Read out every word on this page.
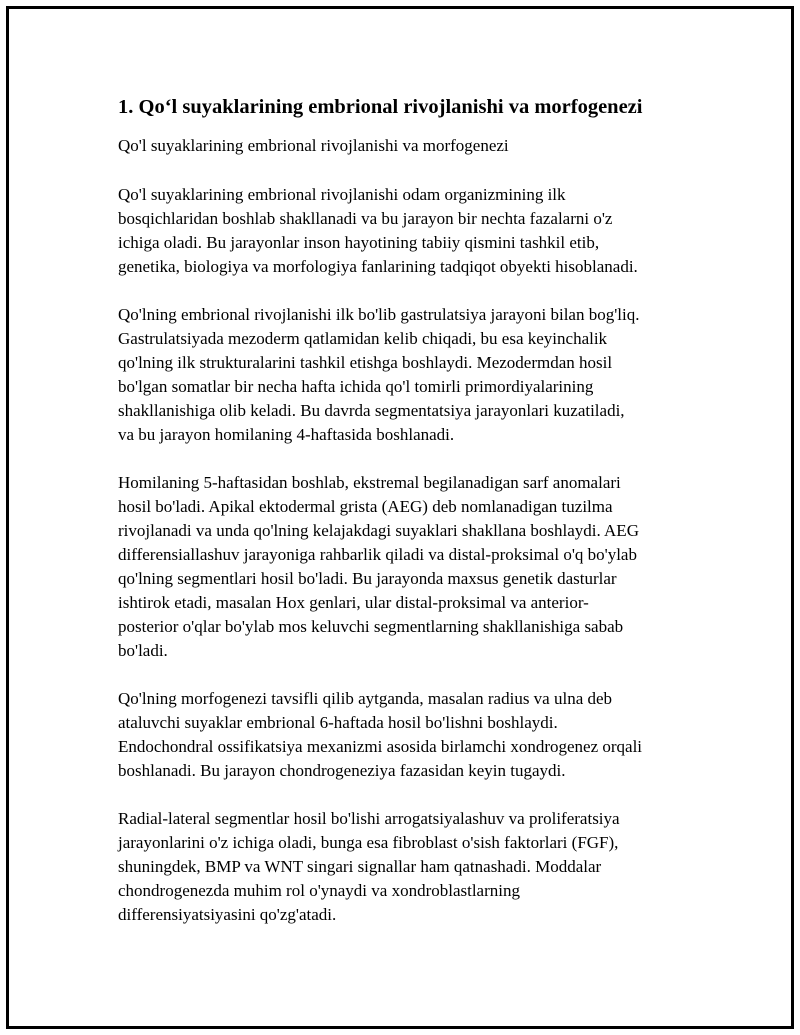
1. Qo‘l suyaklarining embrional rivojlanishi va morfogenezi

Qo'l suyaklarining embrional rivojlanishi va morfogenezi

Qo'l suyaklarining embrional rivojlanishi odam organizmining ilk
bosqichlaridan boshlab shakllanadi va bu jarayon bir nechta fazalarni o'z
ichiga oladi. Bu jarayonlar inson hayotining tabiiy qismini tashkil etib,
genetika, biologiya va morfologiya fanlarining tadqiqot obyekti hisoblanadi.

Qo'lning embrional rivojlanishi ilk bo'lib gastrulatsiya jarayoni bilan bog'liq.
Gastrulatsiyada mezoderm qatlamidan kelib chiqadi, bu esa keyinchalik
qo'lning ilk strukturalarini tashkil etishga boshlaydi. Mezodermdan hosil
bo'lgan somatlar bir necha hafta ichida qo'l tomirli primordiyalarining
shakllanishiga olib keladi. Bu davrda segmentatsiya jarayonlari kuzatiladi,
va bu jarayon homilaning 4-haftasida boshlanadi.

Homilaning 5-haftasidan boshlab, ekstremal begilanadigan sarf anomalari
hosil bo'ladi. Apikal ektodermal grista (AEG) deb nomlanadigan tuzilma
rivojlanadi va unda qo'lning kelajakdagi suyaklari shakllana boshlaydi. AEG
differensiallashuv jarayoniga rahbarlik qiladi va distal-proksimal o'q bo'ylab
qo'lning segmentlari hosil bo'ladi. Bu jarayonda maxsus genetik dasturlar
ishtirok etadi, masalan Hox genlari, ular distal-proksimal va anterior-
posterior o'qlar bo'ylab mos keluvchi segmentlarning shakllanishiga sabab
bo'ladi.

Qo'lning morfogenezi tavsifli qilib aytganda, masalan radius va ulna deb
ataluvchi suyaklar embrional 6-haftada hosil bo'lishni boshlaydi.
Endochondral ossifikatsiya mexanizmi asosida birlamchi xondrogenez orqali
boshlanadi. Bu jarayon chondrogeneziya fazasidan keyin tugaydi.

Radial-lateral segmentlar hosil bo'lishi arrogatsiyalashuv va proliferatsiya
jarayonlarini o'z ichiga oladi, bunga esa fibroblast o'sish faktorlari (FGF),
shuningdek, BMP va WNT singari signallar ham qatnashadi. Moddalar
chondrogenezda muhim rol o'ynaydi va xondroblastlarning
differensiyatsiyasini qo'zg'atadi.
